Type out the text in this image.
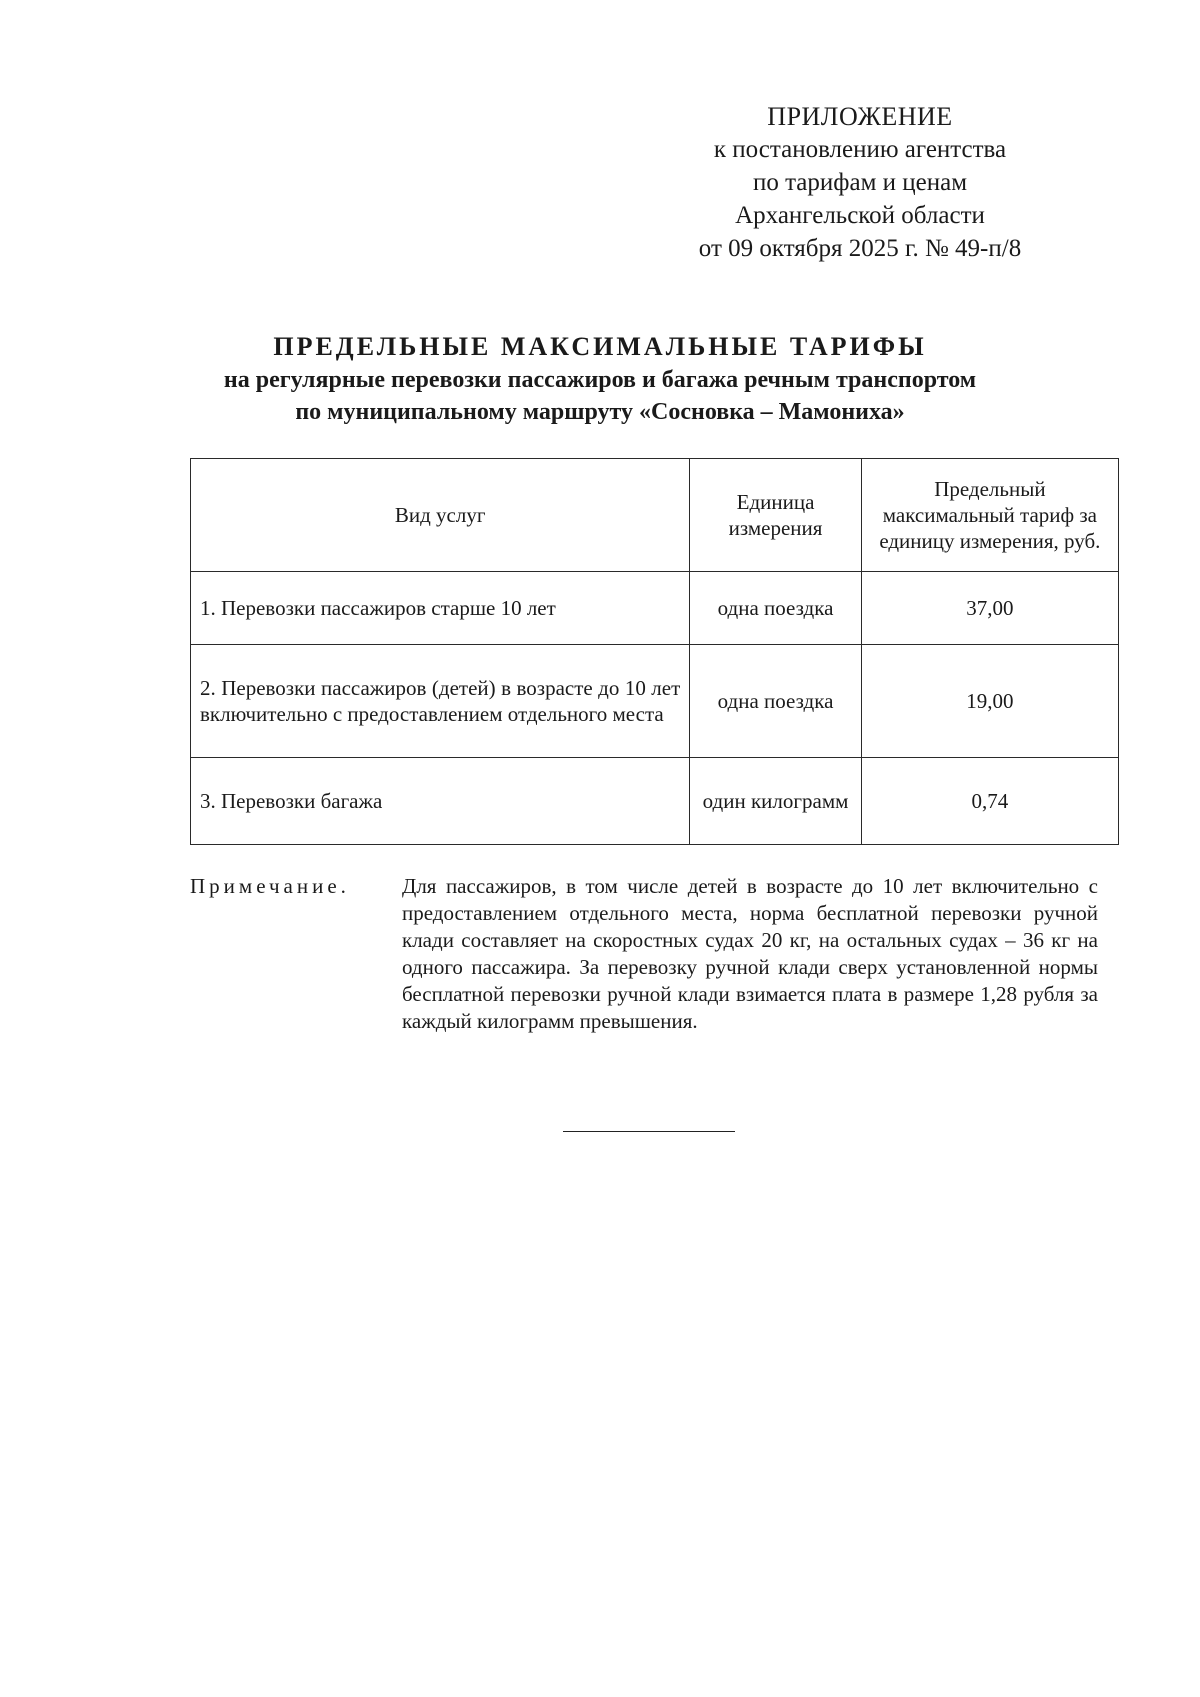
ПРИЛОЖЕНИЕ
к постановлению агентства
по тарифам и ценам
Архангельской области
от 09 октября 2025 г. № 49-п/8
ПРЕДЕЛЬНЫЕ МАКСИМАЛЬНЫЕ ТАРИФЫ
на регулярные перевозки пассажиров и багажа речным транспортом
по муниципальному маршруту «Сосновка – Мамониха»
Вид услуг	Единица измерения	Предельный максимальный тариф за единицу измерения, руб.
1. Перевозки пассажиров старше 10 лет	одна поездка	37,00
2. Перевозки пассажиров (детей) в возрасте до 10 лет включительно с предоставлением отдельного места	одна поездка	19,00
3. Перевозки багажа	один килограмм	0,74
Примечание. Для пассажиров, в том числе детей в возрасте до 10 лет включительно с предоставлением отдельного места, норма бесплатной перевозки ручной клади составляет на скоростных судах 20 кг, на остальных судах – 36 кг на одного пассажира. За перевозку ручной клади сверх установленной нормы бесплатной перевозки ручной клади взимается плата в размере 1,28 рубля за каждый килограмм превышения.
